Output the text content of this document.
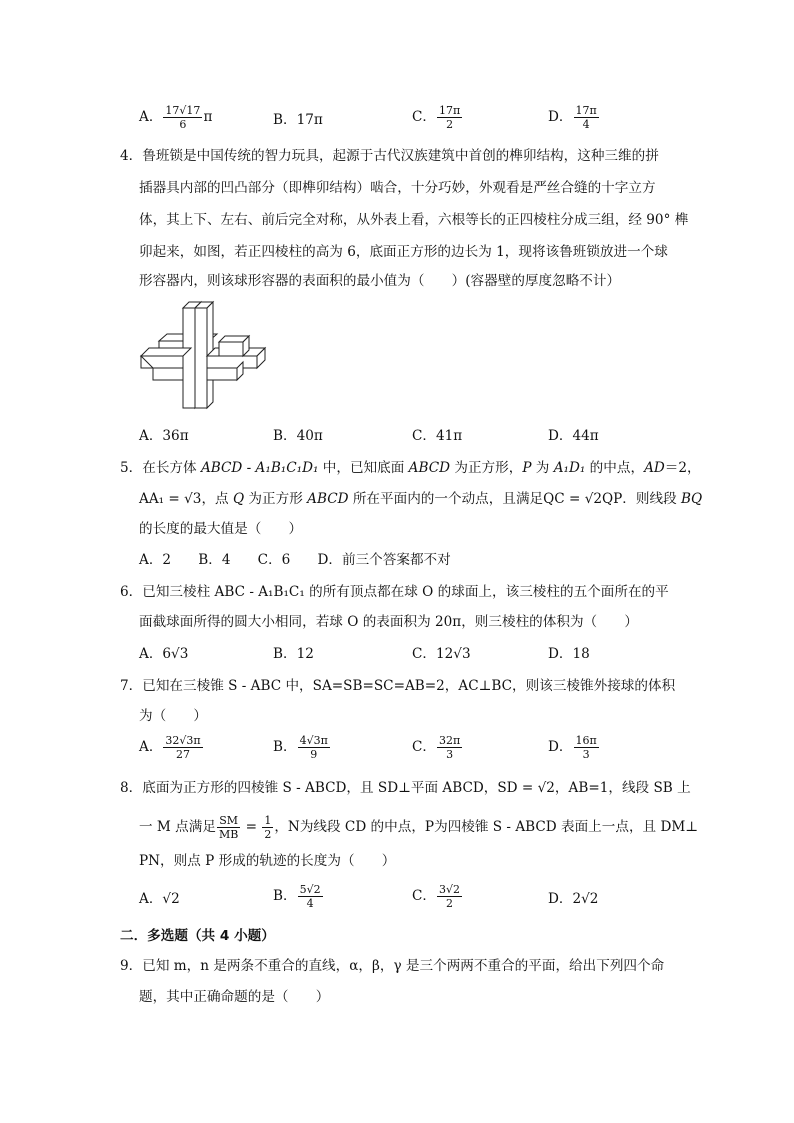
A． $\frac{17√17}{6}$ π	B．17π	C． $\frac{17\pi}{2}$	D． $\frac{17\pi}{4}$
4．鲁班锁是中国传统的智力玩具，起源于古代汉族建筑中首创的榫卯结构，这种三维的拼
插器具内部的凹凸部分（即榫卯结构）啮合，十分巧妙，外观看是严丝合缝的十字立方
体，其上下、左右、前后完全对称，从外表上看，六根等长的正四棱柱分成三组，经 90° 榫
卯起来，如图，若正四棱柱的高为 6，底面正方形的边长为 1，现将该鲁班锁放进一个球
形容器内，则该球形容器的表面积的最小值为（　　）(容器壁的厚度忽略不计）
A．36π	B．40π	C．41π	D．44π
5．在长方体 ABCD - A₁B₁C₁D₁ 中，已知底面 ABCD 为正方形，P 为 A₁D₁ 的中点，AD＝2，
AA₁ = √3，点 Q 为正方形 ABCD 所在平面内的一个动点，且满足QC = √2QP．则线段 BQ
的长度的最大值是（　　）
A．2　　B．4　　C．6　　D．前三个答案都不对
6．已知三棱柱 ABC - A₁B₁C₁ 的所有顶点都在球 O 的球面上，该三棱柱的五个面所在的平
面截球面所得的圆大小相同，若球 O 的表面积为 20π，则三棱柱的体积为（　　）
A．6√3	B．12	C．12√3	D．18
7．已知在三棱锥 S - ABC 中，SA=SB=SC=AB=2，AC⊥BC，则该三棱锥外接球的体积
为（　　）
A． $\frac{32√3\pi}{27}$	B． $\frac{4√3\pi}{9}$	C． $\frac{32\pi}{3}$	D． $\frac{16\pi}{3}$
8．底面为正方形的四棱锥 S - ABCD，且 SD⊥平面 ABCD，SD = √2，AB=1，线段 SB 上
一 M 点满足 $\frac{SM}{MB} = \frac{1}{2}$ ，N为线段 CD 的中点，P为四棱锥 S - ABCD 表面上一点，且 DM⊥
PN，则点 P 形成的轨迹的长度为（　　）
A．√2	B． $\frac{5√2}{4}$	C． $\frac{3√2}{2}$	D．2√2
二．多选题（共 4 小题）
9．已知 m，n 是两条不重合的直线，α，β，γ 是三个两两不重合的平面，给出下列四个命
题，其中正确命题的是（　　）
